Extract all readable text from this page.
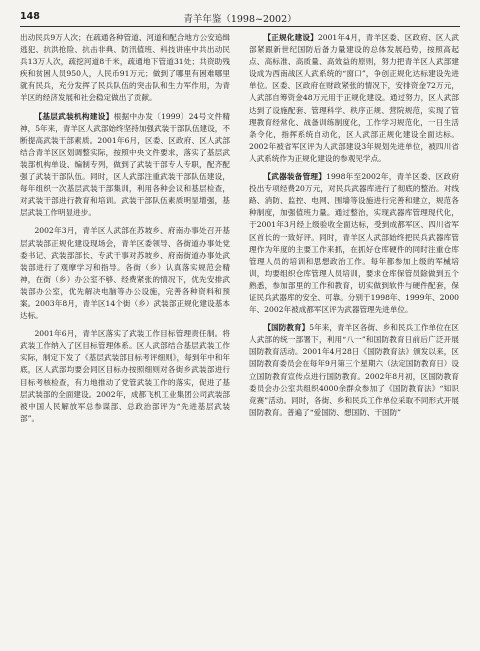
148	青羊年鉴（1998~2002）

出动民兵9万人次；在疏通各种管道、河道和配合地方公安追缉逃犯、抗洪抢险、抗击非典、防汛值班、科技讲座中共出动民兵13万人次，疏挖河道8千米，疏通地下管道31处；共资助残疾和贫困人员950人，人民币91万元；做到了哪里有困难哪里就有民兵，充分发挥了民兵队伍的突击队和生力军作用，为青羊区的经济发展和社会稳定做出了贡献。

【基层武装机构建设】根据中办发〔1999〕24号文件精神，5年来，青羊区人武部始终坚持加强武装干部队伍建设，不断提高武装干部素质。2001年6月，区委、区政府、区人武部结合青羊区区划调整实际，按照中央文件要求，落实了基层武装部机构单设、编制专列，做到了武装干部专人专职，配齐配强了武装干部队伍。同时，区人武部注重武装干部队伍建设，每年组织一次基层武装干部集训，利用各种会议和基层检查，对武装干部进行教育和培训。武装干部队伍素质明显增强，基层武装工作明显进步。

2002年3月，青羊区人武部在苏坡乡、府南办事处召开基层武装部正规化建设现场会，青羊区委领导、各街道办事处党委书记、武装部部长、专武干事对苏坡乡、府南街道办事处武装部进行了观摩学习和指导。各街（乡）认真落实规范会精神，在街（乡）办公室不够、经费紧张的情况下，优先安排武装部办公室，优先解决电脑等办公设施，完善各种资料和预案。2003年8月，青羊区14个街（乡）武装部正规化建设基本达标。

2001年6月，青羊区落实了武装工作目标管理责任制。将武装工作纳入了区目标管理体系。区人武部结合基层武装工作实际，制定下发了《基层武装部目标考评细则》，每到年中和年底，区人武部均要会同区目标办按照细则对各街乡武装部进行目标考核检查，有力地推动了党管武装工作的落实，促进了基层武装部的全面建设。2002年，成都飞机工业集团公司武装部被中国人民解放军总参谋部、总政治部评为“先进基层武装部”。

【正规化建设】2001年4月，青羊区委、区政府、区人武部紧跟新世纪国防后备力量建设的总体发展趋势，按照高起点、高标准、高质量、高效益的原则，努力把青羊区人武部建设成为西南战区人武系统的“窗口”，争创正规化达标建设先进单位。区委、区政府在财政紧张的情况下，安排资金72万元，人武部自筹资金48万元用于正规化建设。通过努力，区人武部达到了设施配套、管理科学、秩序正规、营院规范，实现了管理教育经常化、战备训练制度化，工作学习规范化，一日生活条令化，指挥系统自动化，区人武部正规化建设全面达标。2002年被省军区评为人武部建设3年规划先进单位，被四川省人武系统作为正规化建设的参观见学点。

【武器装备管理】1998年至2002年，青羊区委、区政府投出专项经费20万元，对民兵武器库进行了彻底的整治。对线路、消防、监控、电网、围墙等设施进行完善和建立，规范各种制度，加强值班力量。通过整治，实现武器库管理现代化，于2001年3月经上级验收全面达标，受到成都军区、四川省军区首长的一致好评。同时，青羊区人武部始终把民兵武器库管理作为年度的主要工作来抓，在抓好仓库硬件的同时注重仓库管理人员的培训和思想政治工作。每年都参加上级的军械培训，均要组织仓库管理人员培训，要求仓库保管员除做到五个熟悉，参加部里的工作和教育，切实做到软件与硬件配套，保证民兵武器库的安全、可靠。分别于1998年、1999年、2000年、2002年被成都军区评为武器管理先进单位。

【国防教育】5年来，青羊区各街、乡和民兵工作单位在区人武部的统一部署下，利用“八一”和国防教育日前后广泛开展国防教育活动。2001年4月28日《国防教育法》颁发以来，区国防教育委员会在每年9月第三个星期六（法定国防教育日）设立国防教育宣传点进行国防教育。2002年8月初，区国防教育委员会办公室共组织4000余群众参加了《国防教育法》“知识竞赛”活动。同时，各街、乡和民兵工作单位采取不同形式开展国防教育。普遍了“爱国防、想国防、干国防”
